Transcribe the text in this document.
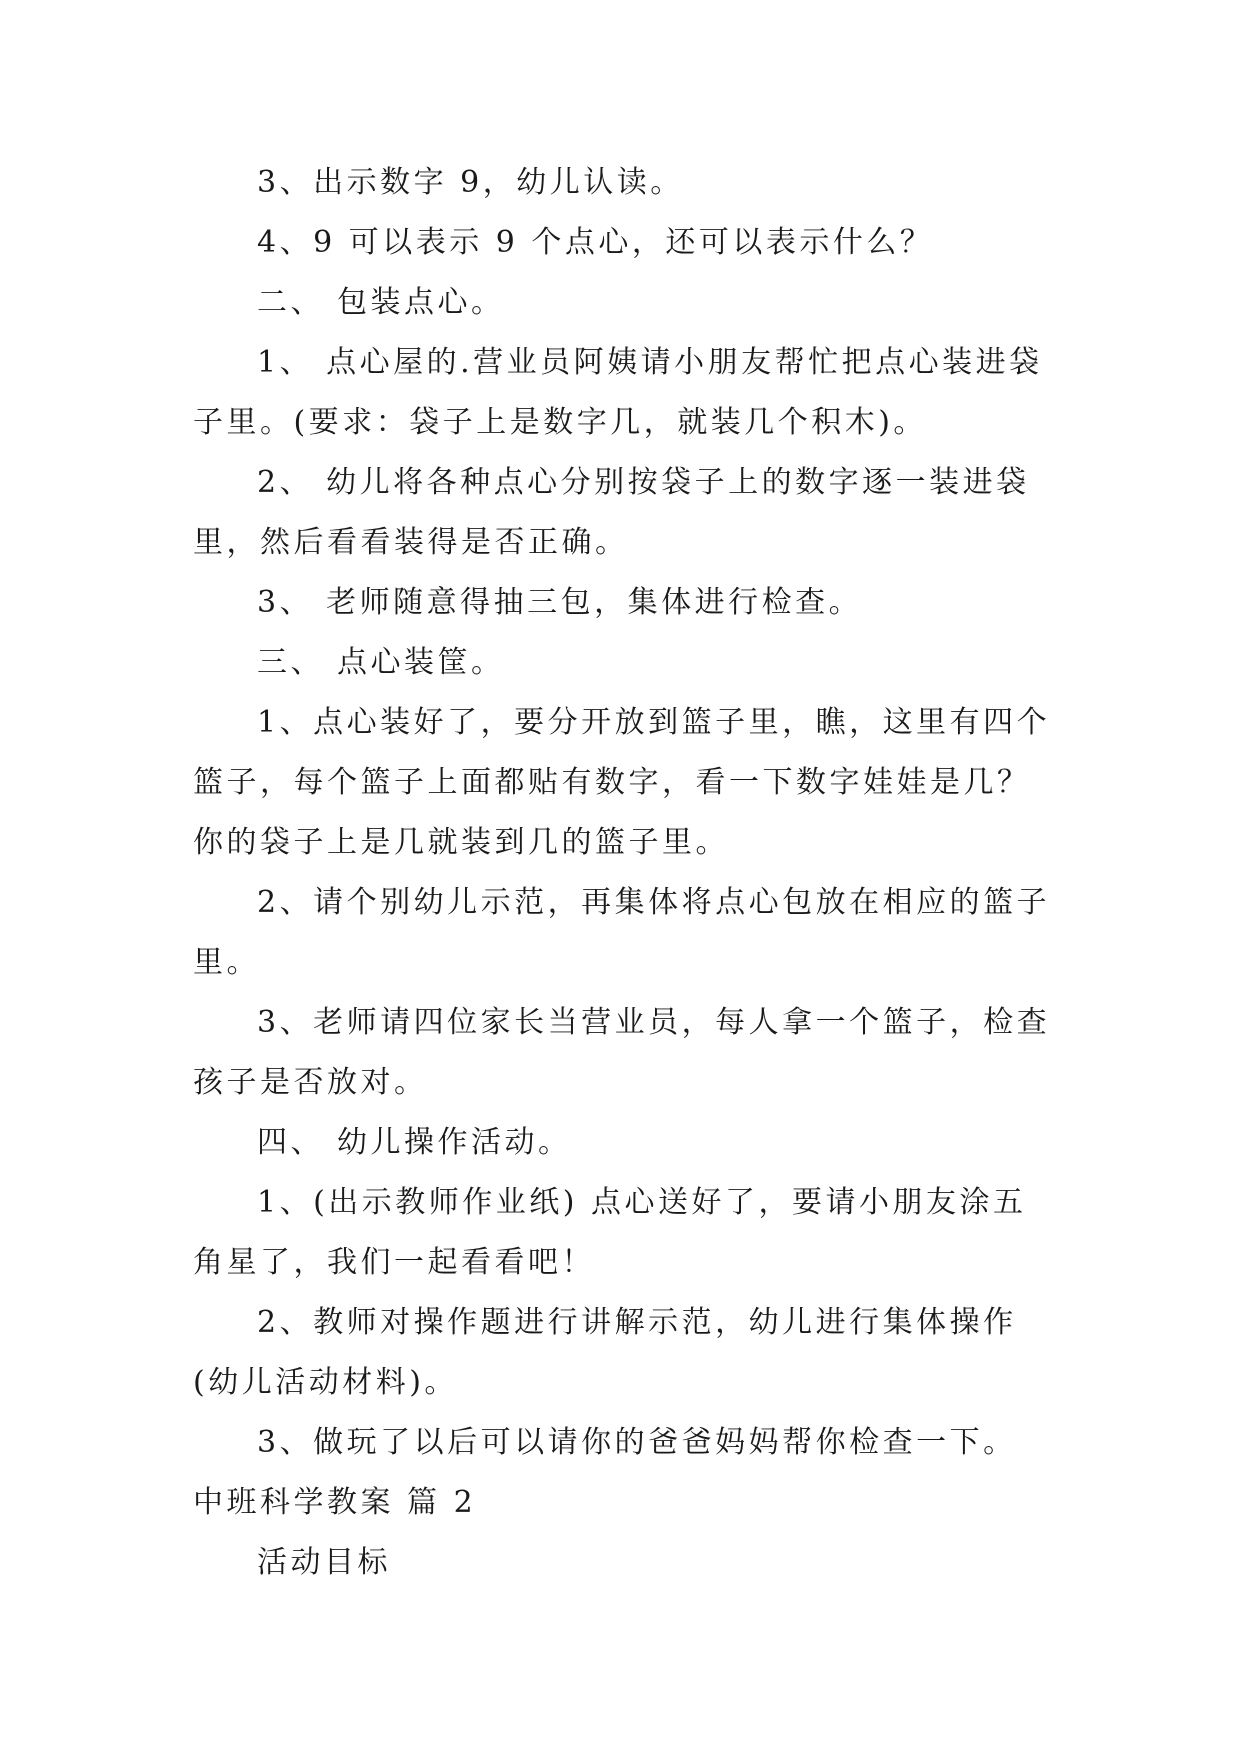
3、出示数字 9，幼儿认读。

4、9 可以表示 9 个点心，还可以表示什么？

二、 包装点心。

1、 点心屋的.营业员阿姨请小朋友帮忙把点心装进袋子里。(要求：袋子上是数字几，就装几个积木)。

2、 幼儿将各种点心分别按袋子上的数字逐一装进袋里，然后看看装得是否正确。

3、 老师随意得抽三包，集体进行检查。

三、 点心装筐。

1、点心装好了，要分开放到篮子里，瞧，这里有四个篮子，每个篮子上面都贴有数字，看一下数字娃娃是几？你的袋子上是几就装到几的篮子里。

2、请个别幼儿示范，再集体将点心包放在相应的篮子里。

3、老师请四位家长当营业员，每人拿一个篮子，检查孩子是否放对。

四、 幼儿操作活动。

1、(出示教师作业纸) 点心送好了，要请小朋友涂五角星了，我们一起看看吧！

2、教师对操作题进行讲解示范，幼儿进行集体操作(幼儿活动材料)。

3、做玩了以后可以请你的爸爸妈妈帮你检查一下。

中班科学教案 篇 2

活动目标
